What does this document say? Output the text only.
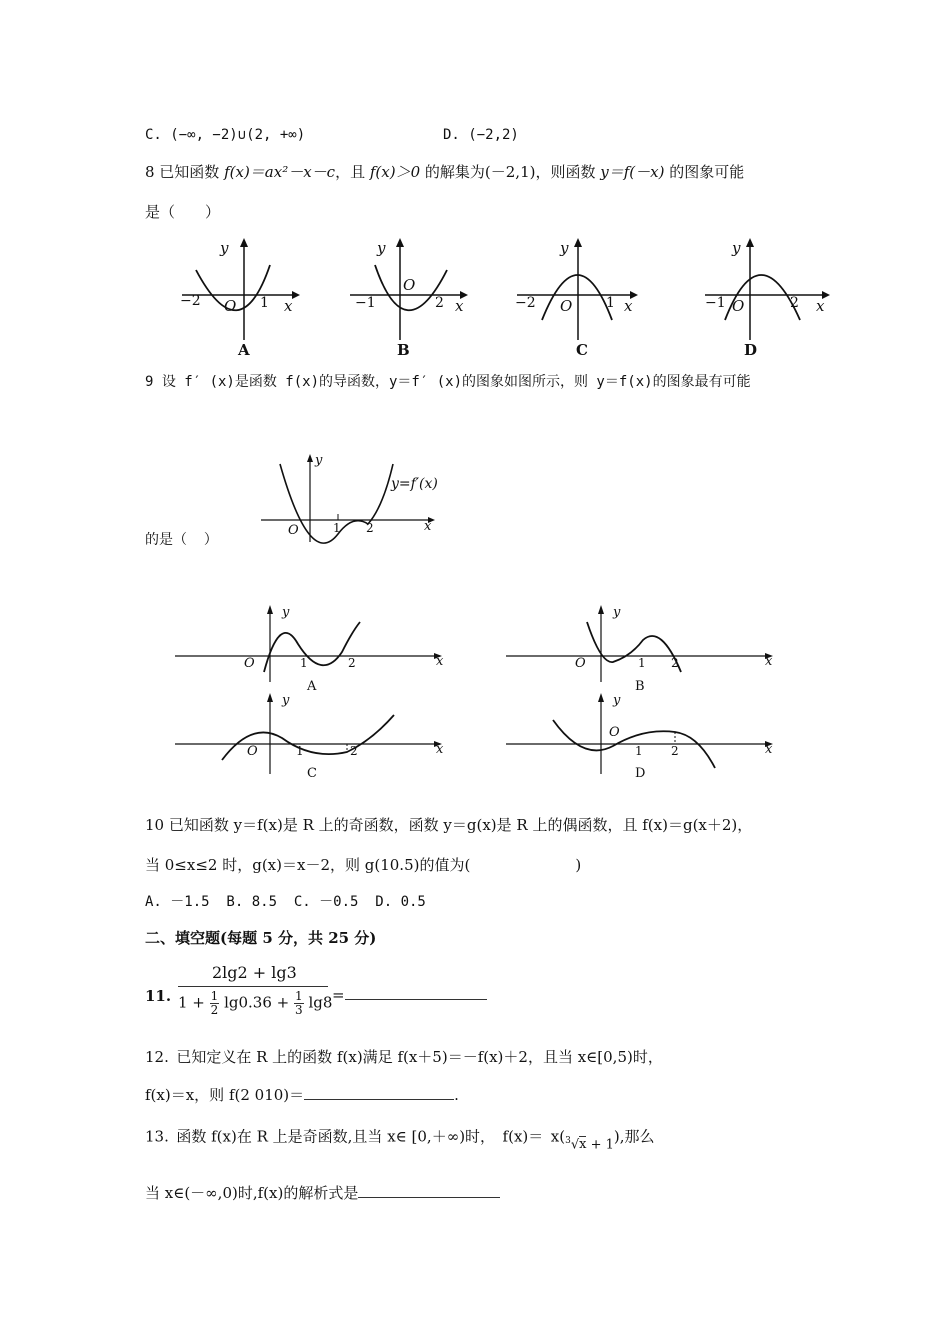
C. (−∞, −2)∪(2, +∞)	D. (−2,2)
8 已知函数 f(x)＝ax²－x－c，且 f(x)＞0 的解集为(－2,1)，则函数 y＝f(－x) 的图象可能
是（  ）
y
x
−2	1
O
A
y
x
−1	2
O
B
y
x
−2	1
O
C
y
x
−1	2
O
D
9 设 f′ (x)是函数 f(x)的导函数，y＝f′ (x)的图象如图所示，则 y＝f(x)的图象最有可能
y
y=f′(x)
x
O	1 2
的是（  ）
y
x
O	1	2
A
y
x
O	1 2
B
y
x
O	1	2
C
y
x
O
1 2
D
10 已知函数 y＝f(x)是 R 上的奇函数，函数 y＝g(x)是 R 上的偶函数，且 f(x)＝g(x＋2)，
当 0≤x≤2 时，g(x)＝x－2，则 g(10.5)的值为(	)
A. －1.5  B. 8.5  C. －0.5  D. 0.5
二、填空题(每题 5 分，共 25 分)
11.
2lg2 + lg3
$1 + \frac{1}{2} \lg 0.36 + \frac{1}{3} \lg 8$ =
12. 已知定义在 R 上的函数 f(x)满足 f(x＋5)＝－f(x)＋2，且当 x∈[0,5)时，
f(x)＝x，则 f(2 010)＝	.
13. 函数 f(x)在 R 上是奇函数,且当 x∈ [0,＋∞)时， f(x)＝ x($^3$√x + 1),那么
当 x∈(－∞,0)时,f(x)的解析式是
